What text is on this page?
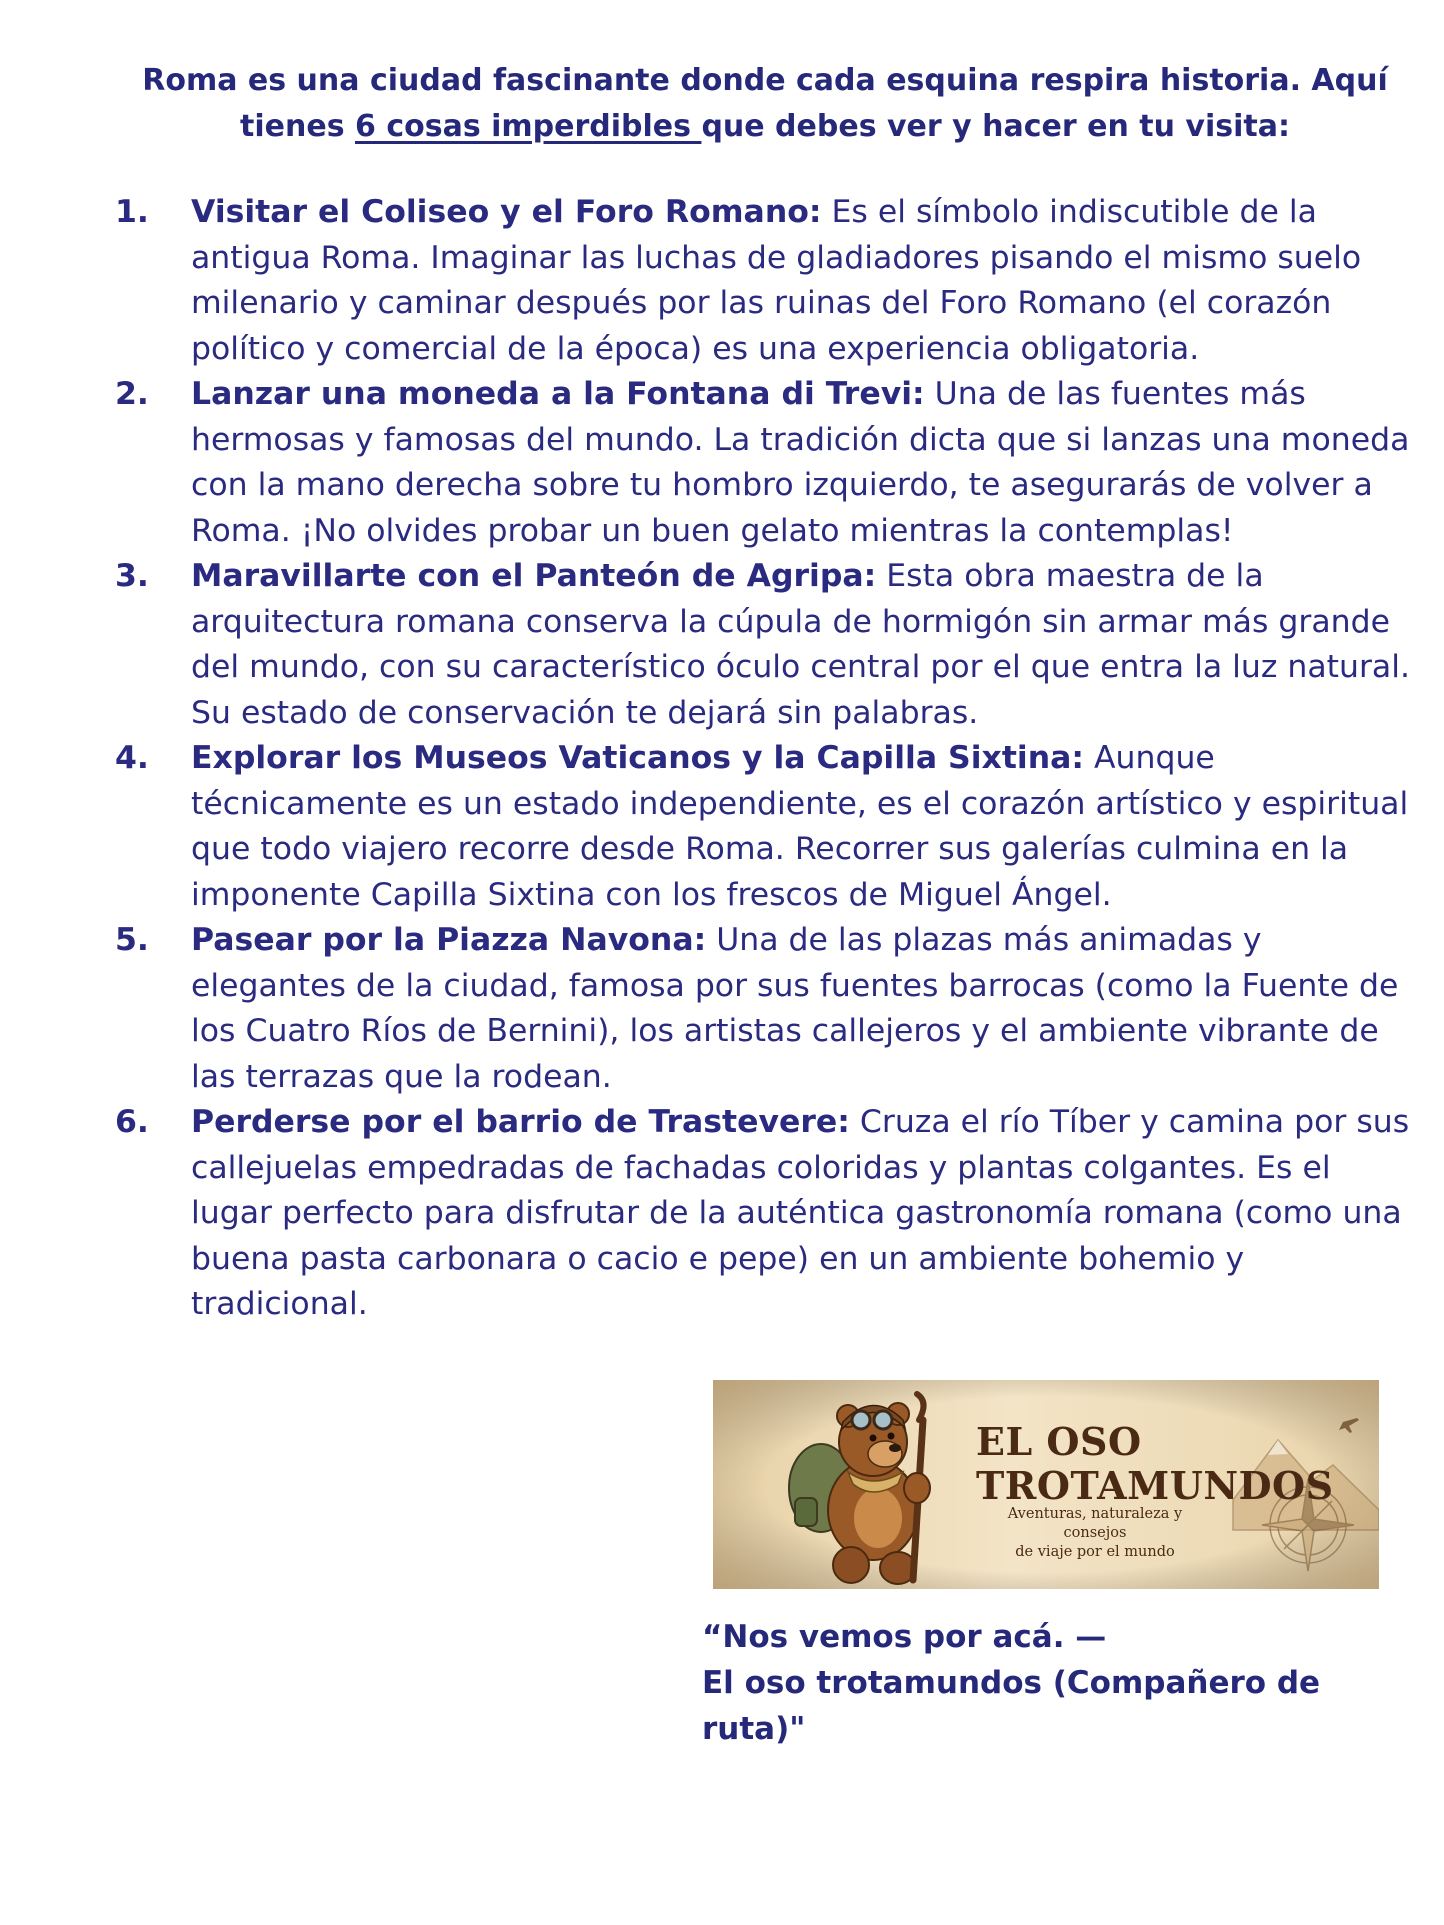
Roma es una ciudad fascinante donde cada esquina respira historia. Aquí tienes 6 cosas imperdibles que debes ver y hacer en tu visita:
1. Visitar el Coliseo y el Foro Romano: Es el símbolo indiscutible de la antigua Roma. Imaginar las luchas de gladiadores pisando el mismo suelo milenario y caminar después por las ruinas del Foro Romano (el corazón político y comercial de la época) es una experiencia obligatoria.
2. Lanzar una moneda a la Fontana di Trevi: Una de las fuentes más hermosas y famosas del mundo. La tradición dicta que si lanzas una moneda con la mano derecha sobre tu hombro izquierdo, te asegurarás de volver a Roma. ¡No olvides probar un buen gelato mientras la contemplas!
3. Maravillarte con el Panteón de Agripa: Esta obra maestra de la arquitectura romana conserva la cúpula de hormigón sin armar más grande del mundo, con su característico óculo central por el que entra la luz natural. Su estado de conservación te dejará sin palabras.
4. Explorar los Museos Vaticanos y la Capilla Sixtina: Aunque técnicamente es un estado independiente, es el corazón artístico y espiritual que todo viajero recorre desde Roma. Recorrer sus galerías culmina en la imponente Capilla Sixtina con los frescos de Miguel Ángel.
5. Pasear por la Piazza Navona: Una de las plazas más animadas y elegantes de la ciudad, famosa por sus fuentes barrocas (como la Fuente de los Cuatro Ríos de Bernini), los artistas callejeros y el ambiente vibrante de las terrazas que la rodean.
6. Perderse por el barrio de Trastevere: Cruza el río Tíber y camina por sus callejuelas empedradas de fachadas coloridas y plantas colgantes. Es el lugar perfecto para disfrutar de la auténtica gastronomía romana (como una buena pasta carbonara o cacio e pepe) en un ambiente bohemio y tradicional.
EL OSO
TROTAMUNDOS
Aventuras, naturaleza y consejos
de viaje por el mundo
“Nos vemos por acá. —
El oso trotamundos (Compañero de ruta)"
